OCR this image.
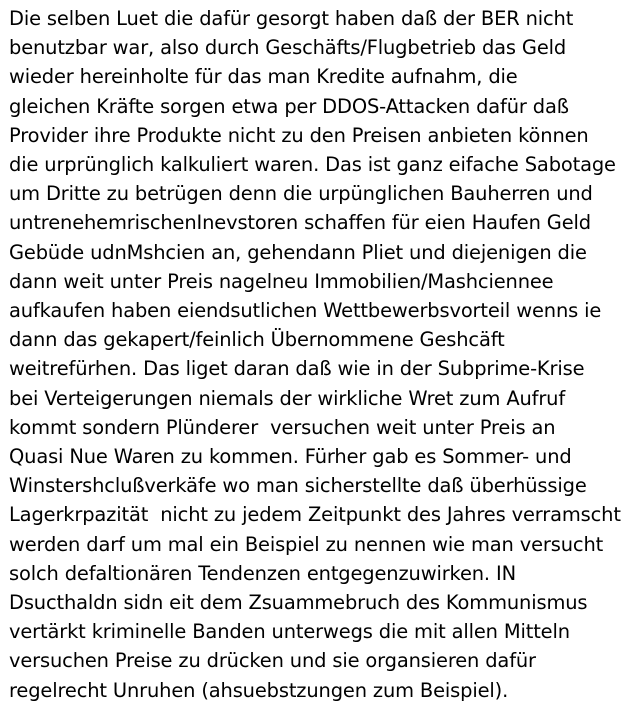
Die selben Luet die dafür gesorgt haben daß der BER nicht
benutzbar war, also durch Geschäfts/Flugbetrieb das Geld
wieder hereinholte für das man Kredite aufnahm, die
gleichen Kräfte sorgen etwa per DDOS-Attacken dafür daß
Provider ihre Produkte nicht zu den Preisen anbieten können
die urprünglich kalkuliert waren. Das ist ganz eifache Sabotage
um Dritte zu betrügen denn die urpünglichen Bauherren und
untrenehemrischenInevstoren schaffen für eien Haufen Geld
Gebüde udnMshcien an, gehendann Pliet und diejenigen die
dann weit unter Preis nagelneu Immobilien/Mashciennee
aufkaufen haben eiendsutlichen Wettbewerbsvorteil wenns ie
dann das gekapert/feinlich Übernommene Geshcäft
weitrefürhen. Das liget daran daß wie in der Subprime-Krise
bei Verteigerungen niemals der wirkliche Wret zum Aufruf
kommt sondern Plünderer  versuchen weit unter Preis an
Quasi Nue Waren zu kommen. Fürher gab es Sommer- und
Winstershclußverkäfe wo man sicherstellte daß überhüssige
Lagerkrpazität  nicht zu jedem Zeitpunkt des Jahres verramscht
werden darf um mal ein Beispiel zu nennen wie man versucht
solch defaltionären Tendenzen entgegenzuwirken. IN
Dsucthaldn sidn eit dem Zsuammebruch des Kommunismus
vertärkt kriminelle Banden unterwegs die mit allen Mitteln
versuchen Preise zu drücken und sie organsieren dafür
regelrecht Unruhen (ahsuebstzungen zum Beispiel).
